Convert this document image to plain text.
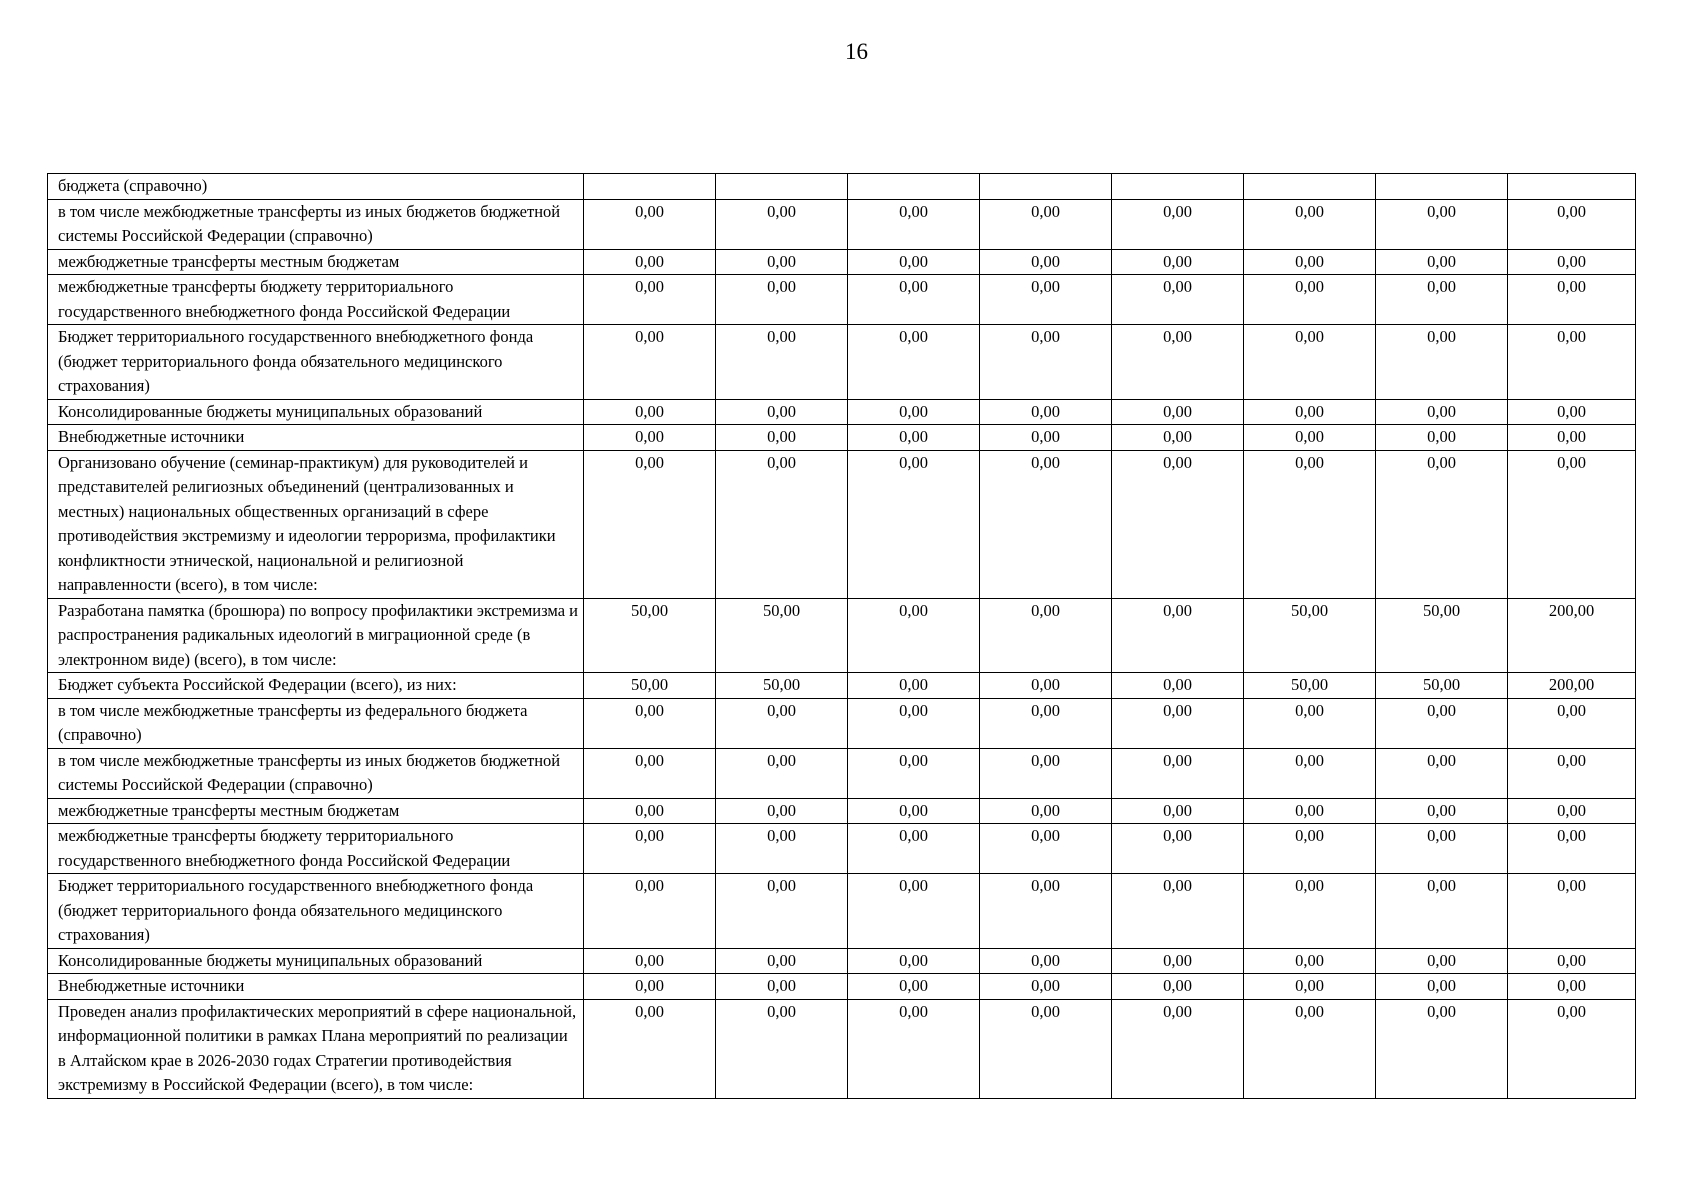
16
бюджета (справочно)								
в том числе межбюджетные трансферты из иных бюджетов бюджетной системы Российской Федерации (справочно)	0,00	0,00	0,00	0,00	0,00	0,00	0,00	0,00
межбюджетные трансферты местным бюджетам	0,00	0,00	0,00	0,00	0,00	0,00	0,00	0,00
межбюджетные трансферты бюджету территориального государственного внебюджетного фонда Российской Федерации	0,00	0,00	0,00	0,00	0,00	0,00	0,00	0,00
Бюджет территориального государственного внебюджетного фонда (бюджет территориального фонда обязательного медицинского страхования)	0,00	0,00	0,00	0,00	0,00	0,00	0,00	0,00
Консолидированные бюджеты муниципальных образований	0,00	0,00	0,00	0,00	0,00	0,00	0,00	0,00
Внебюджетные источники	0,00	0,00	0,00	0,00	0,00	0,00	0,00	0,00
Организовано обучение (семинар-практикум) для руководителей и представителей религиозных объединений (централизованных и местных) национальных общественных организаций в сфере противодействия экстремизму и идеологии терроризма, профилактики конфликтности этнической, национальной и религиозной направленности (всего), в том числе:	0,00	0,00	0,00	0,00	0,00	0,00	0,00	0,00
Разработана памятка (брошюра) по вопросу профилактики экстремизма и распространения радикальных идеологий в миграционной среде (в электронном виде) (всего), в том числе:	50,00	50,00	0,00	0,00	0,00	50,00	50,00	200,00
Бюджет субъекта Российской Федерации (всего), из них:	50,00	50,00	0,00	0,00	0,00	50,00	50,00	200,00
в том числе межбюджетные трансферты из федерального бюджета (справочно)	0,00	0,00	0,00	0,00	0,00	0,00	0,00	0,00
в том числе межбюджетные трансферты из иных бюджетов бюджетной системы Российской Федерации (справочно)	0,00	0,00	0,00	0,00	0,00	0,00	0,00	0,00
межбюджетные трансферты местным бюджетам	0,00	0,00	0,00	0,00	0,00	0,00	0,00	0,00
межбюджетные трансферты бюджету территориального государственного внебюджетного фонда Российской Федерации	0,00	0,00	0,00	0,00	0,00	0,00	0,00	0,00
Бюджет территориального государственного внебюджетного фонда (бюджет территориального фонда обязательного медицинского страхования)	0,00	0,00	0,00	0,00	0,00	0,00	0,00	0,00
Консолидированные бюджеты муниципальных образований	0,00	0,00	0,00	0,00	0,00	0,00	0,00	0,00
Внебюджетные источники	0,00	0,00	0,00	0,00	0,00	0,00	0,00	0,00
Проведен анализ профилактических мероприятий в сфере национальной, информационной политики в рамках Плана мероприятий по реализации в Алтайском крае в 2026-2030 годах Стратегии противодействия экстремизму в Российской Федерации (всего), в том числе:	0,00	0,00	0,00	0,00	0,00	0,00	0,00	0,00
